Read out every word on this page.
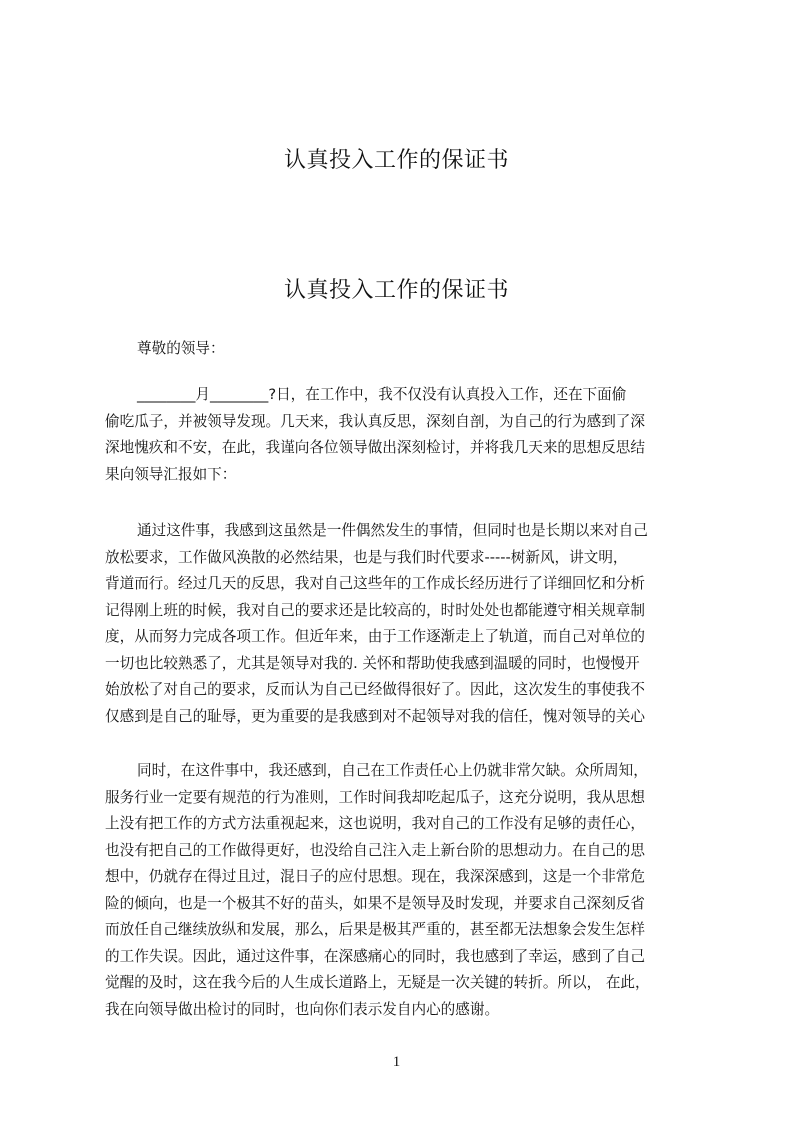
认真投入工作的保证书
认真投入工作的保证书
尊敬的领导：
________月________?日，在工作中，我不仅没有认真投入工作，还在下面偷
偷吃瓜子，并被领导发现。几天来，我认真反思，深刻自剖，为自己的行为感到了深
深地愧疚和不安，在此，我谨向各位领导做出深刻检讨，并将我几天来的思想反思结
果向领导汇报如下：
通过这件事，我感到这虽然是一件偶然发生的事情，但同时也是长期以来对自己
放松要求，工作做风涣散的必然结果，也是与我们时代要求-----树新风，讲文明，
背道而行。经过几天的反思，我对自己这些年的工作成长经历进行了详细回忆和分析
记得刚上班的时候，我对自己的要求还是比较高的，时时处处也都能遵守相关规章制
度，从而努力完成各项工作。但近年来，由于工作逐渐走上了轨道，而自己对单位的
一切也比较熟悉了，尤其是领导对我的. 关怀和帮助使我感到温暖的同时，也慢慢开
始放松了对自己的要求，反而认为自己已经做得很好了。因此，这次发生的事使我不
仅感到是自己的耻辱，更为重要的是我感到对不起领导对我的信任，愧对领导的关心
同时，在这件事中，我还感到，自己在工作责任心上仍就非常欠缺。众所周知，
服务行业一定要有规范的行为准则，工作时间我却吃起瓜子，这充分说明，我从思想
上没有把工作的方式方法重视起来，这也说明，我对自己的工作没有足够的责任心，
也没有把自己的工作做得更好，也没给自己注入走上新台阶的思想动力。在自己的思
想中，仍就存在得过且过，混日子的应付思想。现在，我深深感到，这是一个非常危
险的倾向，也是一个极其不好的苗头，如果不是领导及时发现，并要求自己深刻反省
而放任自己继续放纵和发展，那么，后果是极其严重的，甚至都无法想象会发生怎样
的工作失误。因此，通过这件事，在深感痛心的同时，我也感到了幸运，感到了自己
觉醒的及时，这在我今后的人生成长道路上，无疑是一次关键的转折。所以， 在此，
我在向领导做出检讨的同时，也向你们表示发自内心的感谢。
1
